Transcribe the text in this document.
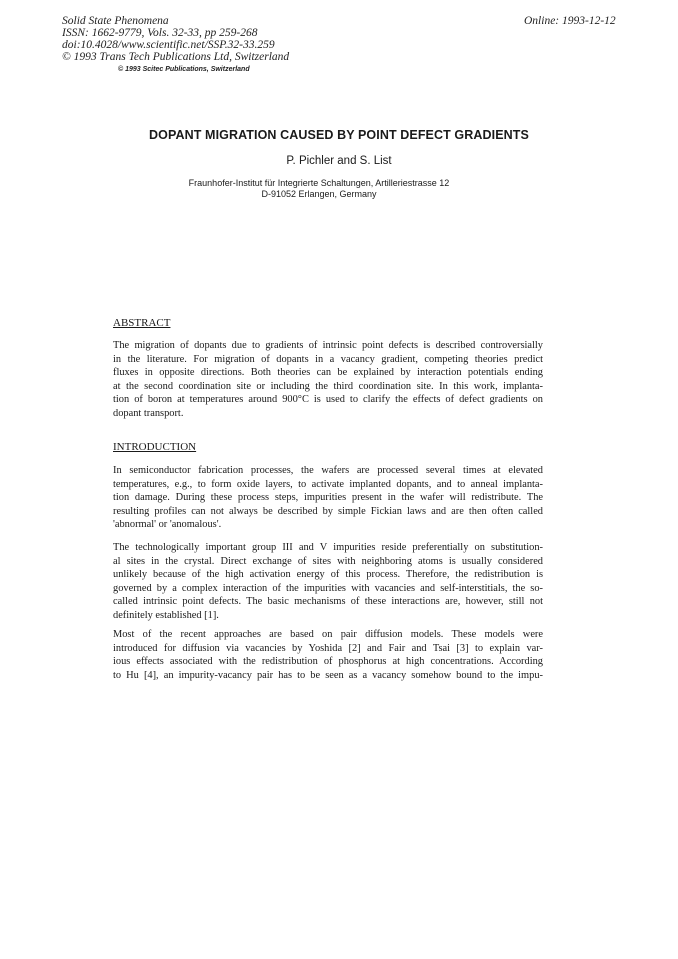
Solid State Phenomena
ISSN: 1662-9779, Vols. 32-33, pp 259-268
doi:10.4028/www.scientific.net/SSP.32-33.259
© 1993 Trans Tech Publications Ltd, Switzerland
Online: 1993-12-12
© 1993 Scitec Publications, Switzerland
DOPANT MIGRATION CAUSED BY POINT DEFECT GRADIENTS
P. Pichler and S. List
Fraunhofer-Institut für Integrierte Schaltungen, Artilleriestrasse 12
D-91052 Erlangen, Germany
ABSTRACT
The migration of dopants due to gradients of intrinsic point defects is described controversially
in the literature. For migration of dopants in a vacancy gradient, competing theories predict
fluxes in opposite directions. Both theories can be explained by interaction potentials ending
at the second coordination site or including the third coordination site. In this work, implanta-
tion of boron at temperatures around 900°C is used to clarify the effects of defect gradients on
dopant transport.
INTRODUCTION
In semiconductor fabrication processes, the wafers are processed several times at elevated
temperatures, e.g., to form oxide layers, to activate implanted dopants, and to anneal implanta-
tion damage. During these process steps, impurities present in the wafer will redistribute. The
resulting profiles can not always be described by simple Fickian laws and are then often called
'abnormal' or 'anomalous'.
The technologically important group III and V impurities reside preferentially on substitution-
al sites in the crystal. Direct exchange of sites with neighboring atoms is usually considered
unlikely because of the high activation energy of this process. Therefore, the redistribution is
governed by a complex interaction of the impurities with vacancies and self-interstitials, the so-
called intrinsic point defects. The basic mechanisms of these interactions are, however, still not
definitely established [1].
Most of the recent approaches are based on pair diffusion models. These models were
introduced for diffusion via vacancies by Yoshida [2] and Fair and Tsai [3] to explain var-
ious effects associated with the redistribution of phosphorus at high concentrations. According
to Hu [4], an impurity-vacancy pair has to be seen as a vacancy somehow bound to the impu-
